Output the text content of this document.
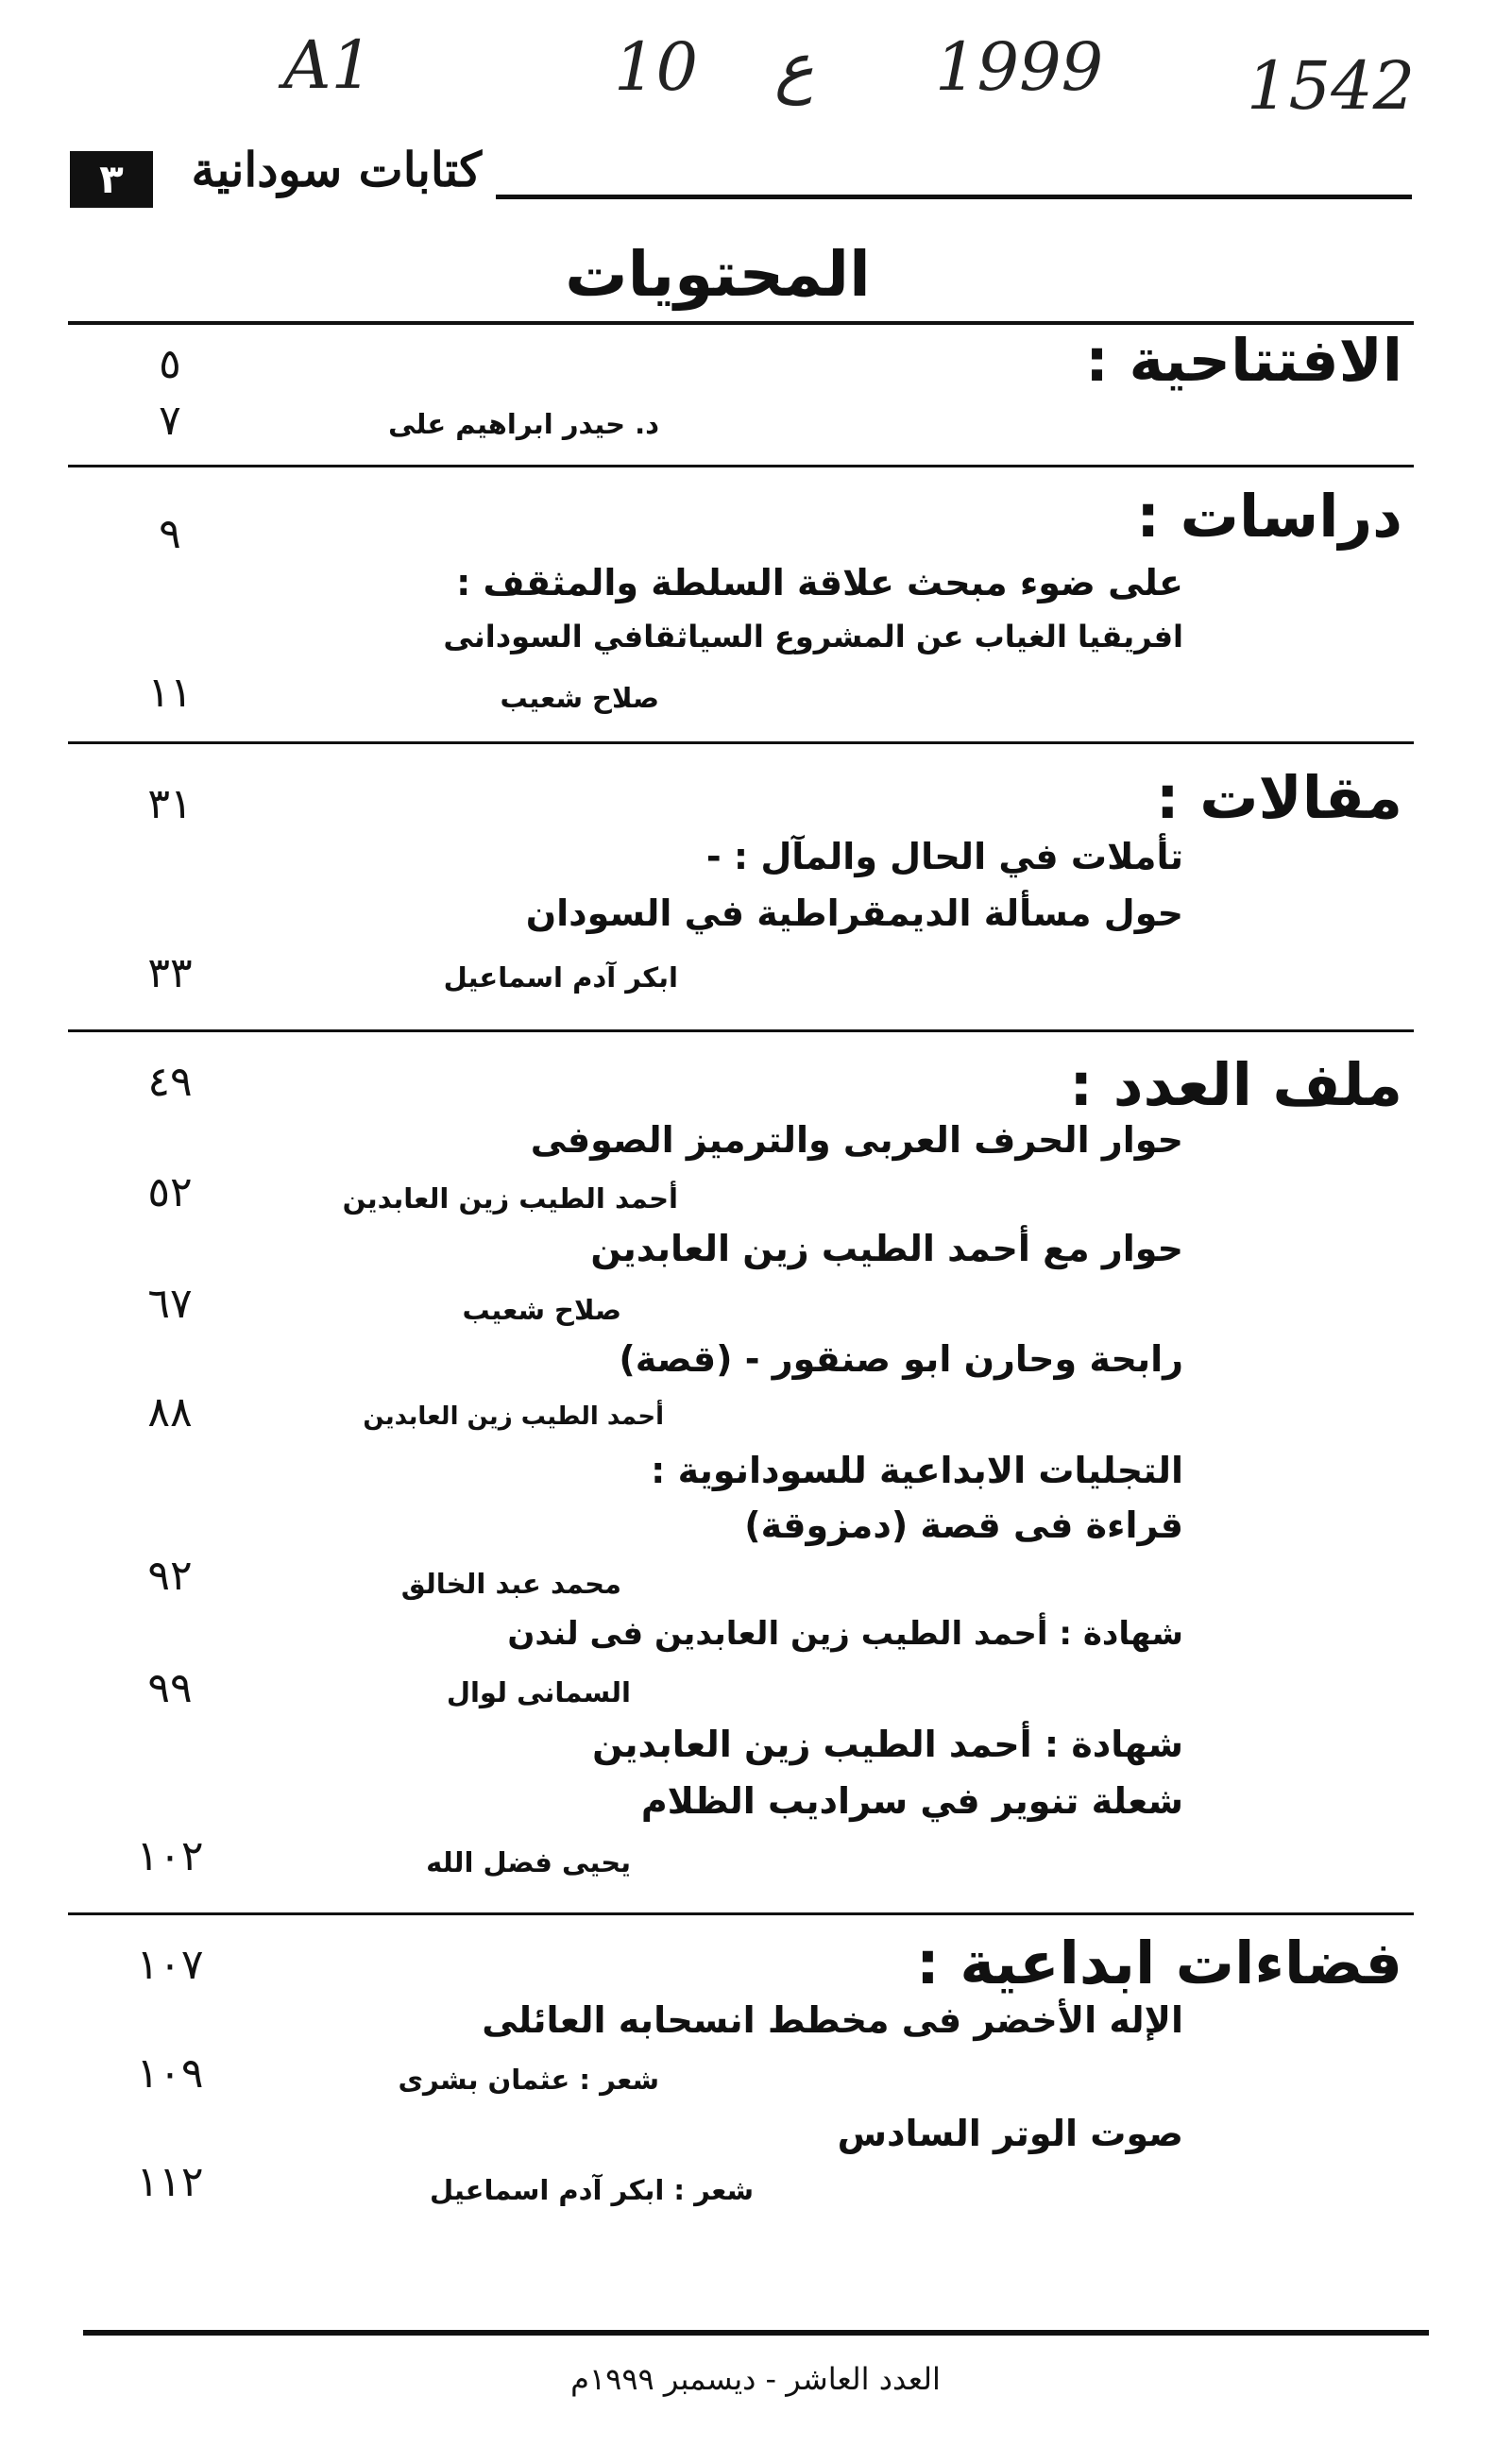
A1	10 ع 1999 1542
٣	كتابات سودانية
المحتويات
الافتتاحية :
٥
د. حيدر ابراهيم على
٧
دراسات :
٩
على ضوء مبحث علاقة السلطة والمثقف :
افريقيا الغياب عن المشروع السياثقافي السودانى
صلاح شعيب
١١
مقالات :
٣١
تأملات في الحال والمآل : -
حول مسألة الديمقراطية في السودان
ابكر آدم اسماعيل
٣٣
ملف العدد :
٤٩
حوار الحرف العربى والترميز الصوفى
أحمد الطيب زين العابدين
٥٢
حوار مع أحمد الطيب زين العابدين
صلاح شعيب
٦٧
رابحة وحارن ابو صنقور - (قصة)
أحمد الطيب زين العابدين
٨٨
التجليات الابداعية للسودانوية :
قراءة فى قصة (دمزوقة)
محمد عبد الخالق
٩٢
شهادة : أحمد الطيب زين العابدين فى لندن
السمانى لوال
٩٩
شهادة : أحمد الطيب زين العابدين
شعلة تنوير في سراديب الظلام
يحيى فضل الله
١٠٢
فضاءات ابداعية :
١٠٧
الإله الأخضر فى مخطط انسحابه العائلى
شعر : عثمان بشرى
١٠٩
صوت الوتر السادس
شعر : ابكر آدم اسماعيل
١١٢
العدد العاشر - ديسمبر ١٩٩٩م
